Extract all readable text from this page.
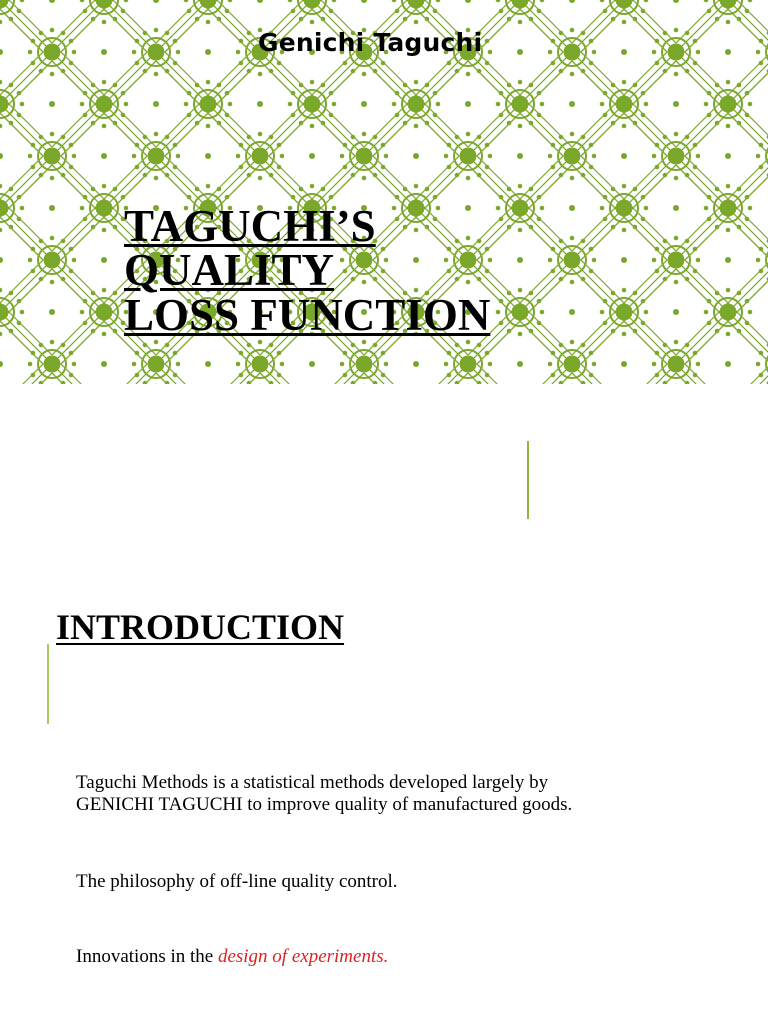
Genichi Taguchi
TAGUCHI’S
QUALITY
LOSS FUNCTION
INTRODUCTION
Taguchi Methods is a statistical methods developed largely by
GENICHI TAGUCHI to improve quality of manufactured goods.
The philosophy of off-line quality control.
Innovations in the design of experiments.
